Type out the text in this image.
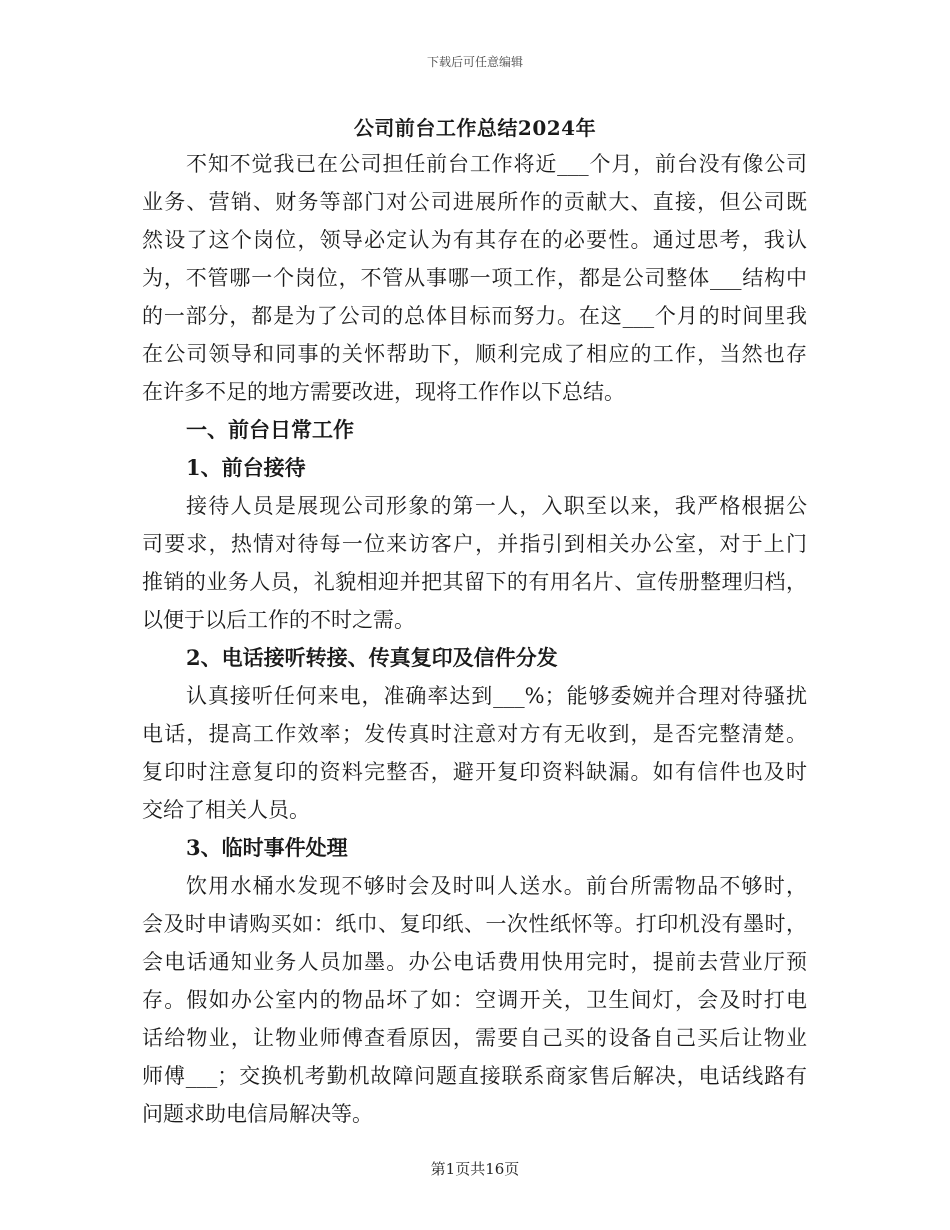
下载后可任意编辑
公司前台工作总结2024年
不知不觉我已在公司担任前台工作将近___个月，前台没有像公司
业务、营销、财务等部门对公司进展所作的贡献大、直接，但公司既
然设了这个岗位，领导必定认为有其存在的必要性。通过思考，我认
为，不管哪一个岗位，不管从事哪一项工作，都是公司整体___结构中
的一部分，都是为了公司的总体目标而努力。在这___个月的时间里我
在公司领导和同事的关怀帮助下，顺利完成了相应的工作，当然也存
在许多不足的地方需要改进，现将工作作以下总结。
一、前台日常工作
1、前台接待
接待人员是展现公司形象的第一人，入职至以来，我严格根据公
司要求，热情对待每一位来访客户，并指引到相关办公室，对于上门
推销的业务人员，礼貌相迎并把其留下的有用名片、宣传册整理归档，
以便于以后工作的不时之需。
2、电话接听转接、传真复印及信件分发
认真接听任何来电，准确率达到___%；能够委婉并合理对待骚扰
电话，提高工作效率；发传真时注意对方有无收到，是否完整清楚。
复印时注意复印的资料完整否，避开复印资料缺漏。如有信件也及时
交给了相关人员。
3、临时事件处理
饮用水桶水发现不够时会及时叫人送水。前台所需物品不够时，
会及时申请购买如：纸巾、复印纸、一次性纸怀等。打印机没有墨时，
会电话通知业务人员加墨。办公电话费用快用完时，提前去营业厅预
存。假如办公室内的物品坏了如：空调开关，卫生间灯，会及时打电
话给物业，让物业师傅查看原因，需要自己买的设备自己买后让物业
师傅___；交换机考勤机故障问题直接联系商家售后解决，电话线路有
问题求助电信局解决等。
第1页共16页
